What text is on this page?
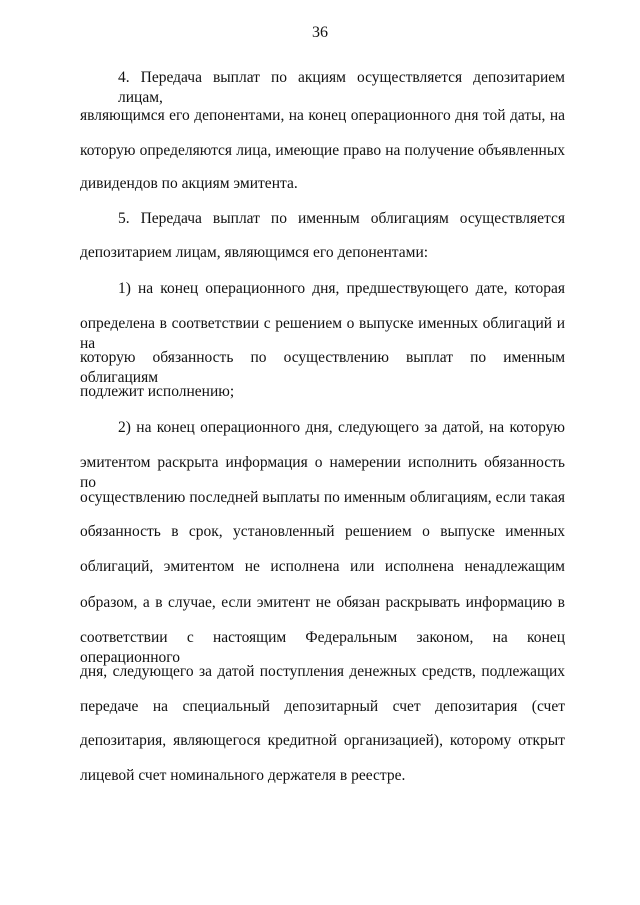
36
4. Передача выплат по акциям осуществляется депозитарием лицам,
являющимся его депонентами, на конец операционного дня той даты, на
которую определяются лица, имеющие право на получение объявленных
дивидендов по акциям эмитента.
5. Передача выплат по именным облигациям осуществляется
депозитарием лицам, являющимся его депонентами:
1) на конец операционного дня, предшествующего дате, которая
определена в соответствии с решением о выпуске именных облигаций и на
которую обязанность по осуществлению выплат по именным облигациям
подлежит исполнению;
2) на конец операционного дня, следующего за датой, на которую
эмитентом раскрыта информация о намерении исполнить обязанность по
осуществлению последней выплаты по именным облигациям, если такая
обязанность в срок, установленный решением о выпуске именных
облигаций, эмитентом не исполнена или исполнена ненадлежащим
образом, а в случае, если эмитент не обязан раскрывать информацию в
соответствии с настоящим Федеральным законом, на конец операционного
дня, следующего за датой поступления денежных средств, подлежащих
передаче на специальный депозитарный счет депозитария (счет
депозитария, являющегося кредитной организацией), которому открыт
лицевой счет номинального держателя в реестре.
